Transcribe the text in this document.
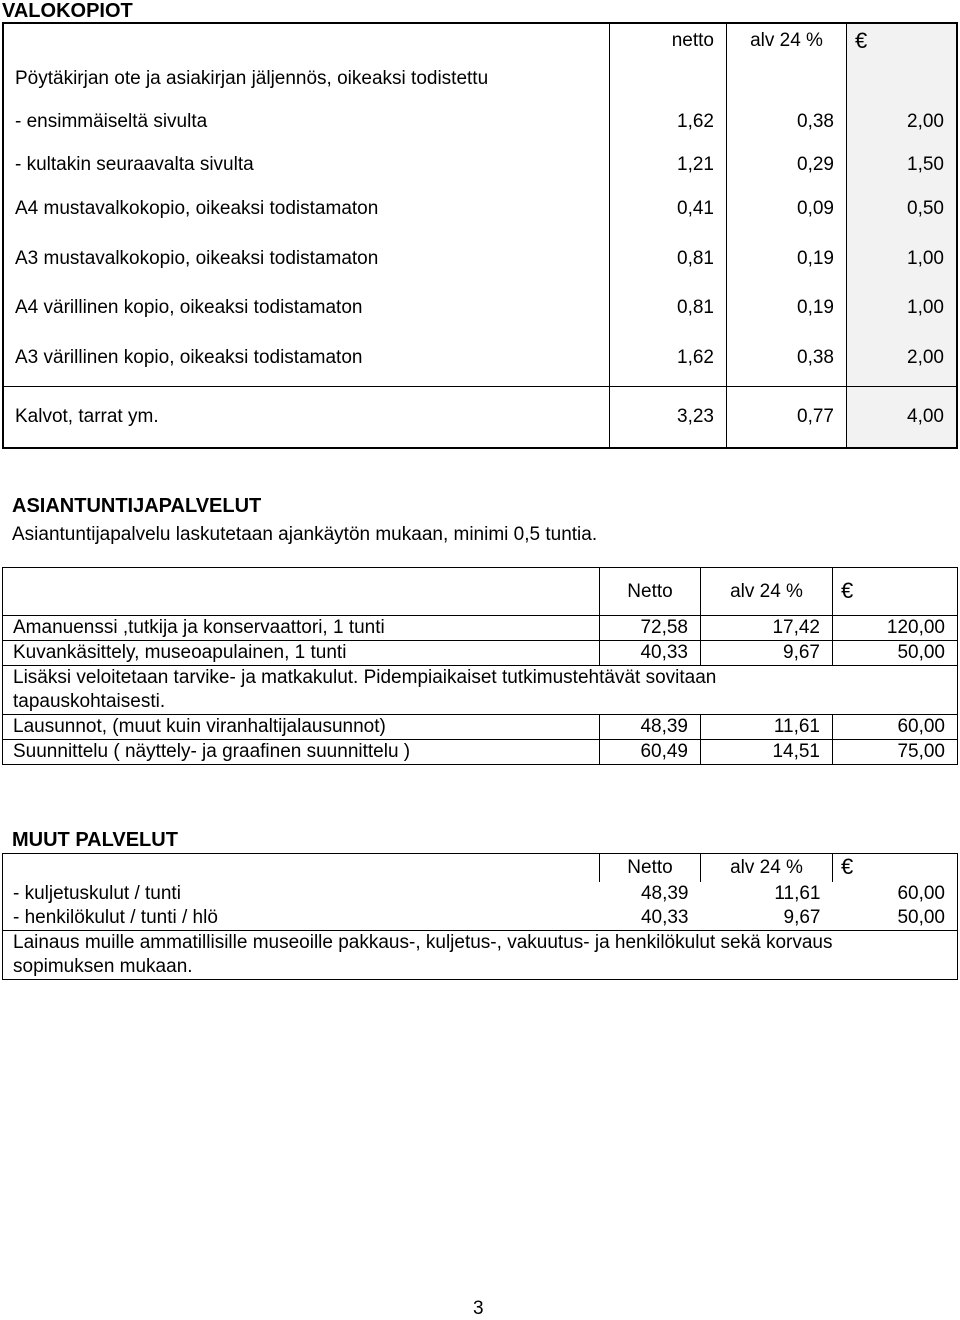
VALOKOPIOT
	netto	alv 24 %	€
Pöytäkirjan ote ja asiakirjan jäljennös, oikeaksi todistettu			
- ensimmäiseltä sivulta	1,62	0,38	2,00
- kultakin seuraavalta sivulta	1,21	0,29	1,50
A4 mustavalkokopio, oikeaksi todistamaton	0,41	0,09	0,50
A3 mustavalkokopio, oikeaksi todistamaton	0,81	0,19	1,00
A4 värillinen kopio, oikeaksi todistamaton	0,81	0,19	1,00
A3 värillinen kopio, oikeaksi todistamaton	1,62	0,38	2,00
Kalvot, tarrat ym.	3,23	0,77	4,00
ASIANTUNTIJAPALVELUT
Asiantuntijapalvelu laskutetaan ajankäytön mukaan, minimi 0,5 tuntia.
	Netto	alv 24 %	€
Amanuenssi ,tutkija ja konservaattori, 1 tunti	72,58	17,42	120,00
Kuvankäsittely, museoapulainen, 1 tunti	40,33	9,67	50,00
Lisäksi veloitetaan tarvike- ja matkakulut. Pidempiaikaiset tutkimustehtävät sovitaan tapauskohtaisesti.			
Lausunnot, (muut kuin viranhaltijalausunnot)	48,39	11,61	60,00
Suunnittelu ( näyttely- ja graafinen suunnittelu )	60,49	14,51	75,00
MUUT PALVELUT
	Netto	alv 24 %	€
- kuljetuskulut / tunti	48,39	11,61	60,00
- henkilökulut / tunti / hlö	40,33	9,67	50,00
Lainaus muille ammatillisille museoille pakkaus-, kuljetus-, vakuutus- ja henkilökulut sekä korvaus sopimuksen mukaan.			
3
